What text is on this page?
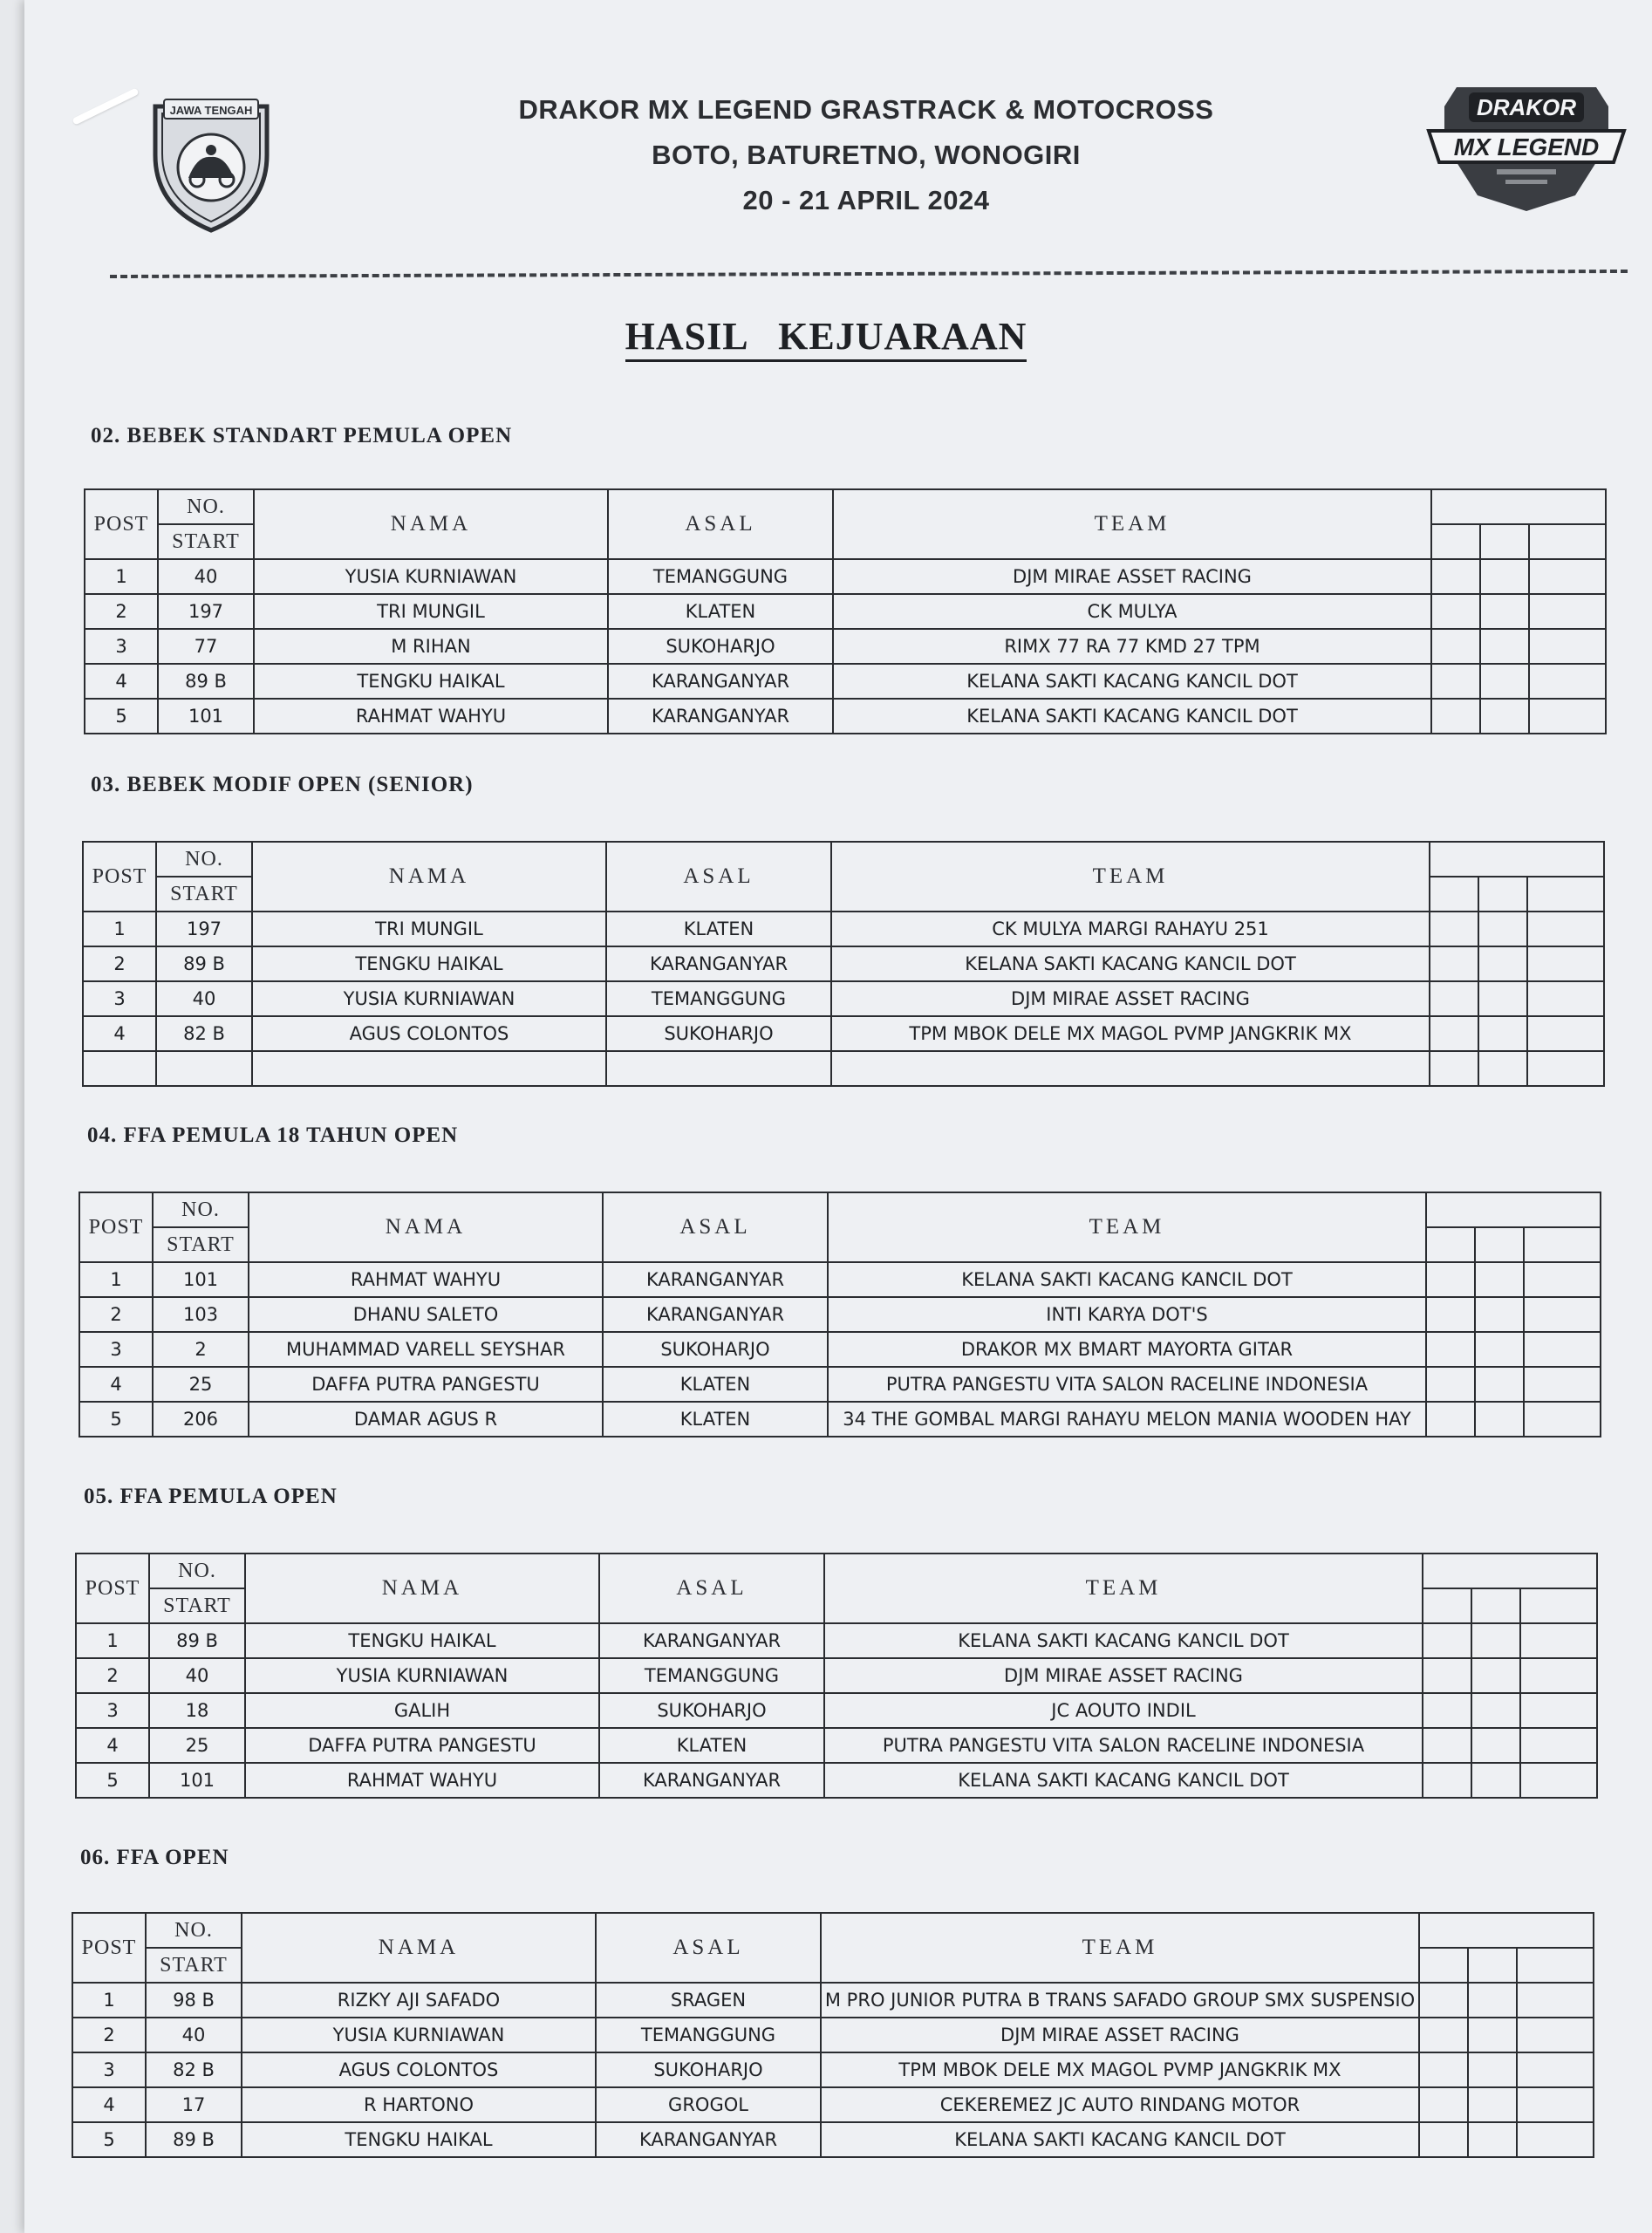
JAWA TENGAH	DRAKOR MX LEGEND GRASTRACK & MOTOCROSS
BOTO, BATURETNO, WONOGIRI
20 - 21 APRIL 2024
DRAKOR
MX LEGEND
HASIL   KEJUARAAN
02. BEBEK STANDART PEMULA OPEN
POST	NO.	NAMA	ASAL	TEAM			
	START						
1	40	YUSIA KURNIAWAN	TEMANGGUNG	DJM MIRAE ASSET RACING			
2	197	TRI MUNGIL	KLATEN	CK MULYA			
3	77	M RIHAN	SUKOHARJO	RIMX 77 RA 77 KMD 27 TPM			
4	89 B	TENGKU HAIKAL	KARANGANYAR	KELANA SAKTI KACANG KANCIL DOT			
5	101	RAHMAT WAHYU	KARANGANYAR	KELANA SAKTI KACANG KANCIL DOT			
03. BEBEK MODIF OPEN (SENIOR)
POST	NO.	NAMA	ASAL	TEAM			
	START						
1	197	TRI MUNGIL	KLATEN	CK MULYA MARGI RAHAYU 251			
2	89 B	TENGKU HAIKAL	KARANGANYAR	KELANA SAKTI KACANG KANCIL DOT			
3	40	YUSIA KURNIAWAN	TEMANGGUNG	DJM MIRAE ASSET RACING			
4	82 B	AGUS COLONTOS	SUKOHARJO	TPM MBOK DELE MX MAGOL PVMP JANGKRIK MX			

04. FFA PEMULA 18 TAHUN OPEN
POST	NO.	NAMA	ASAL	TEAM			
	START						
1	101	RAHMAT WAHYU	KARANGANYAR	KELANA SAKTI KACANG KANCIL DOT			
2	103	DHANU SALETO	KARANGANYAR	INTI KARYA DOT'S			
3	2	MUHAMMAD VARELL SEYSHAR	SUKOHARJO	DRAKOR MX BMART MAYORTA GITAR			
4	25	DAFFA PUTRA PANGESTU	KLATEN	PUTRA PANGESTU VITA SALON RACELINE INDONESIA			
5	206	DAMAR AGUS R	KLATEN	34 THE GOMBAL MARGI RAHAYU MELON MANIA WOODEN HAY			
05. FFA PEMULA OPEN
POST	NO.	NAMA	ASAL	TEAM			
	START						
1	89 B	TENGKU HAIKAL	KARANGANYAR	KELANA SAKTI KACANG KANCIL DOT			
2	40	YUSIA KURNIAWAN	TEMANGGUNG	DJM MIRAE ASSET RACING			
3	18	GALIH	SUKOHARJO	JC AOUTO INDIL			
4	25	DAFFA PUTRA PANGESTU	KLATEN	PUTRA PANGESTU VITA SALON RACELINE INDONESIA			
5	101	RAHMAT WAHYU	KARANGANYAR	KELANA SAKTI KACANG KANCIL DOT			
06. FFA OPEN
POST	NO.	NAMA	ASAL	TEAM			
	START						
1	98 B	RIZKY AJI SAFADO	SRAGEN	M PRO JUNIOR PUTRA B TRANS SAFADO GROUP SMX SUSPENSIO			
2	40	YUSIA KURNIAWAN	TEMANGGUNG	DJM MIRAE ASSET RACING			
3	82 B	AGUS COLONTOS	SUKOHARJO	TPM MBOK DELE MX MAGOL PVMP JANGKRIK MX			
4	17	R HARTONO	GROGOL	CEKEREMEZ JC AUTO RINDANG MOTOR			
5	89 B	TENGKU HAIKAL	KARANGANYAR	KELANA SAKTI KACANG KANCIL DOT			
